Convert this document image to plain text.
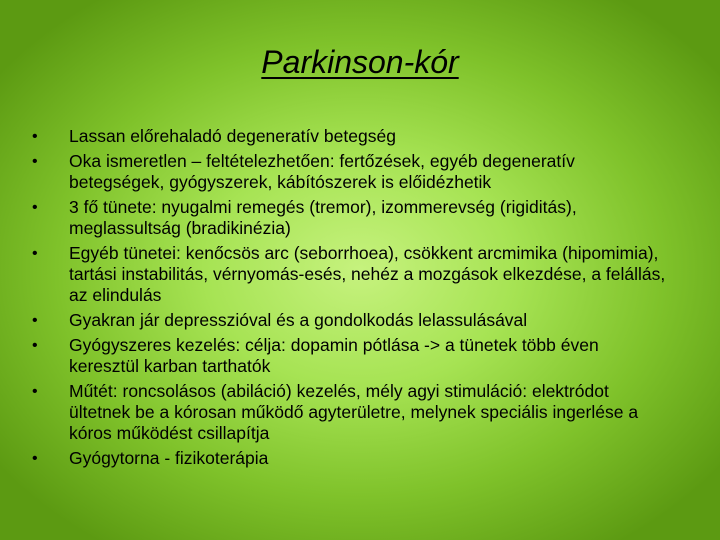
Parkinson-kór
• Lassan előrehaladó degeneratív betegség
• Oka ismeretlen – feltételezhetően: fertőzések, egyéb degeneratív betegségek, gyógyszerek, kábítószerek is előidézhetik
• 3 fő tünete: nyugalmi remegés (tremor), izommerevség (rigiditás), meglassultság (bradikinézia)
• Egyéb tünetei: kenőcsös arc (seborrhoea), csökkent arcmimika (hipomimia), tartási instabilitás, vérnyomás-esés, nehéz a mozgások elkezdése, a felállás, az elindulás
• Gyakran jár depresszióval és a gondolkodás lelassulásával
• Gyógyszeres kezelés: célja: dopamin pótlása -> a tünetek több éven keresztül karban tarthatók
• Műtét: roncsolásos (abiláció) kezelés, mély agyi stimuláció: elektródot ültetnek be a kórosan működő agyterületre, melynek speciális ingerlése a kóros működést csillapítja
• Gyógytorna - fizikoterápia
